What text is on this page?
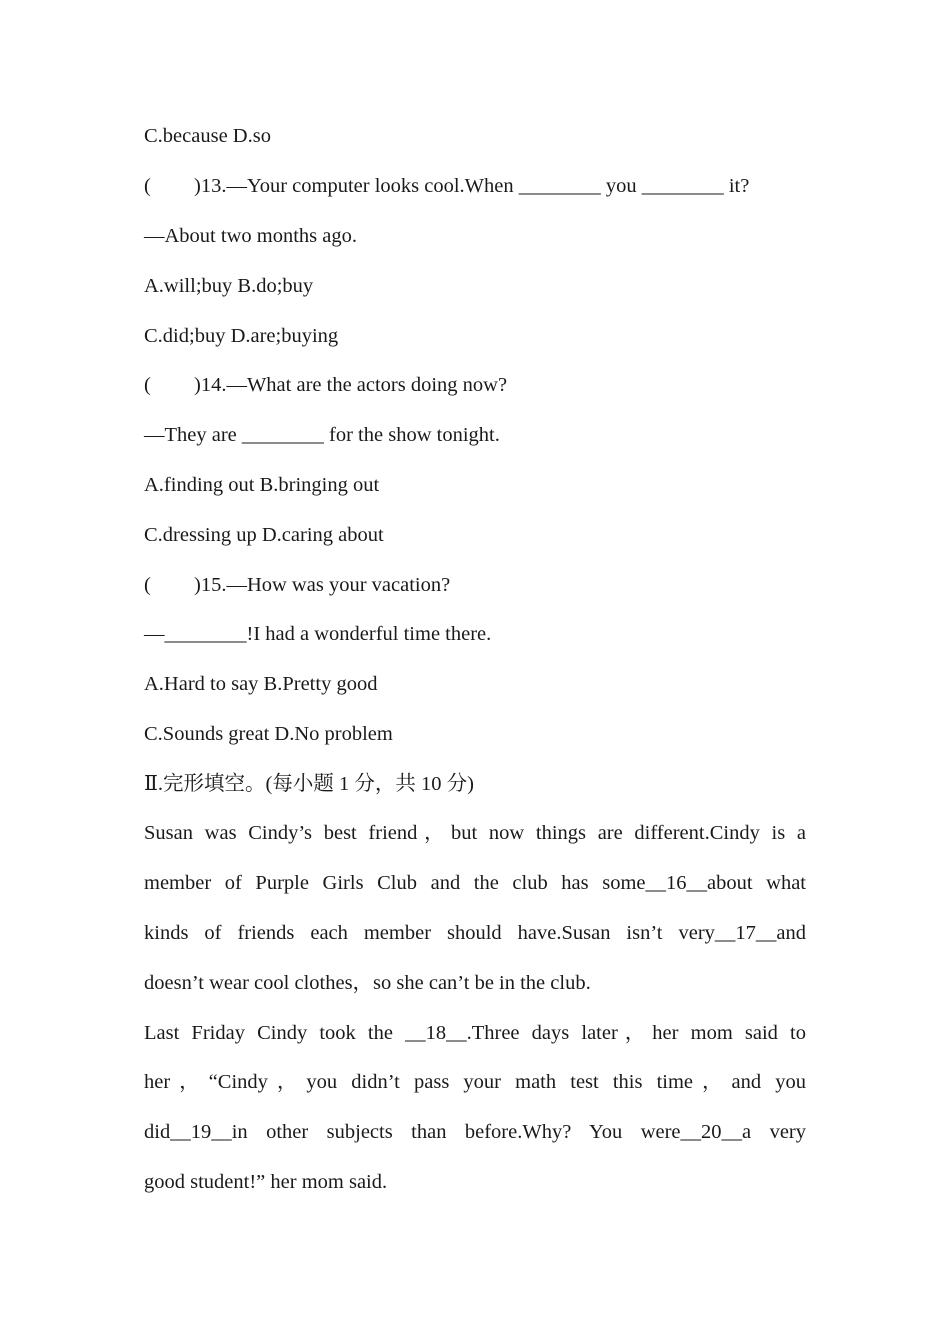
C.because D.so
( )13.—Your computer looks cool.When ________ you ________ it?
—About two months ago.
A.will;buy B.do;buy
C.did;buy D.are;buying
( )14.—What are the actors doing now?
—They are ________ for the show tonight.
A.finding out B.bringing out
C.dressing up D.caring about
( )15.—How was your vacation?
—________!I had a wonderful time there.
A.Hard to say B.Pretty good
C.Sounds great D.No problem
Ⅱ.完形填空。(每小题 1 分，共 10 分)
Susan was Cindy’s best friend，but now things are different.Cindy is a
member of Purple Girls Club and the club has some__16__about what
kinds of friends each member should have.Susan isn’t very__17__and
doesn’t wear cool clothes，so she can’t be in the club.
Last Friday Cindy took the __18__.Three days later，her mom said to
her，“Cindy，you didn’t pass your math test this time，and you
did__19__in other subjects than before.Why? You were__20__a very
good student!” her mom said.
